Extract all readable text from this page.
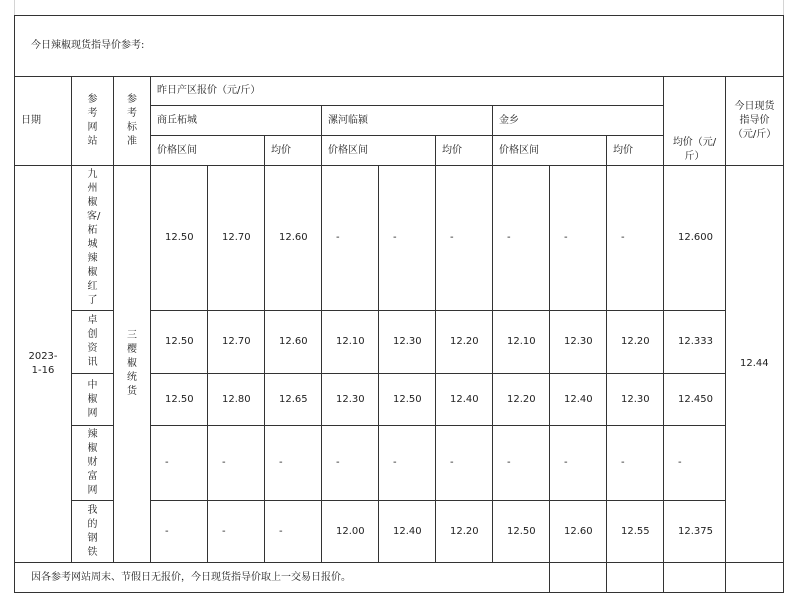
今日辣椒现货指导价参考:													
日期	参考网站	参考标准	昨日产区报价（元/斤）										今日现货指导价（元/斤）
			商丘柘城			漯河临颍			金乡				
			价格区间		均价	价格区间		均价	价格区间		均价	均价（元/斤）	
2023-1-16	九州椒客/柘城辣椒红了	三樱椒统货	12.50	12.70	12.60	-	-	-	-	-	-	12.600	12.44
	卓创资讯		12.50	12.70	12.60	12.10	12.30	12.20	12.10	12.30	12.20	12.333	
	中椒网		12.50	12.80	12.65	12.30	12.50	12.40	12.20	12.40	12.30	12.450	
	辣椒财富网		-	-	-	-	-	-	-	-	-	-	
	我的钢铁		-	-	-	12.00	12.40	12.20	12.50	12.60	12.55	12.375	
因各参考网站周末、节假日无报价，今日现货指导价取上一交易日报价。													
